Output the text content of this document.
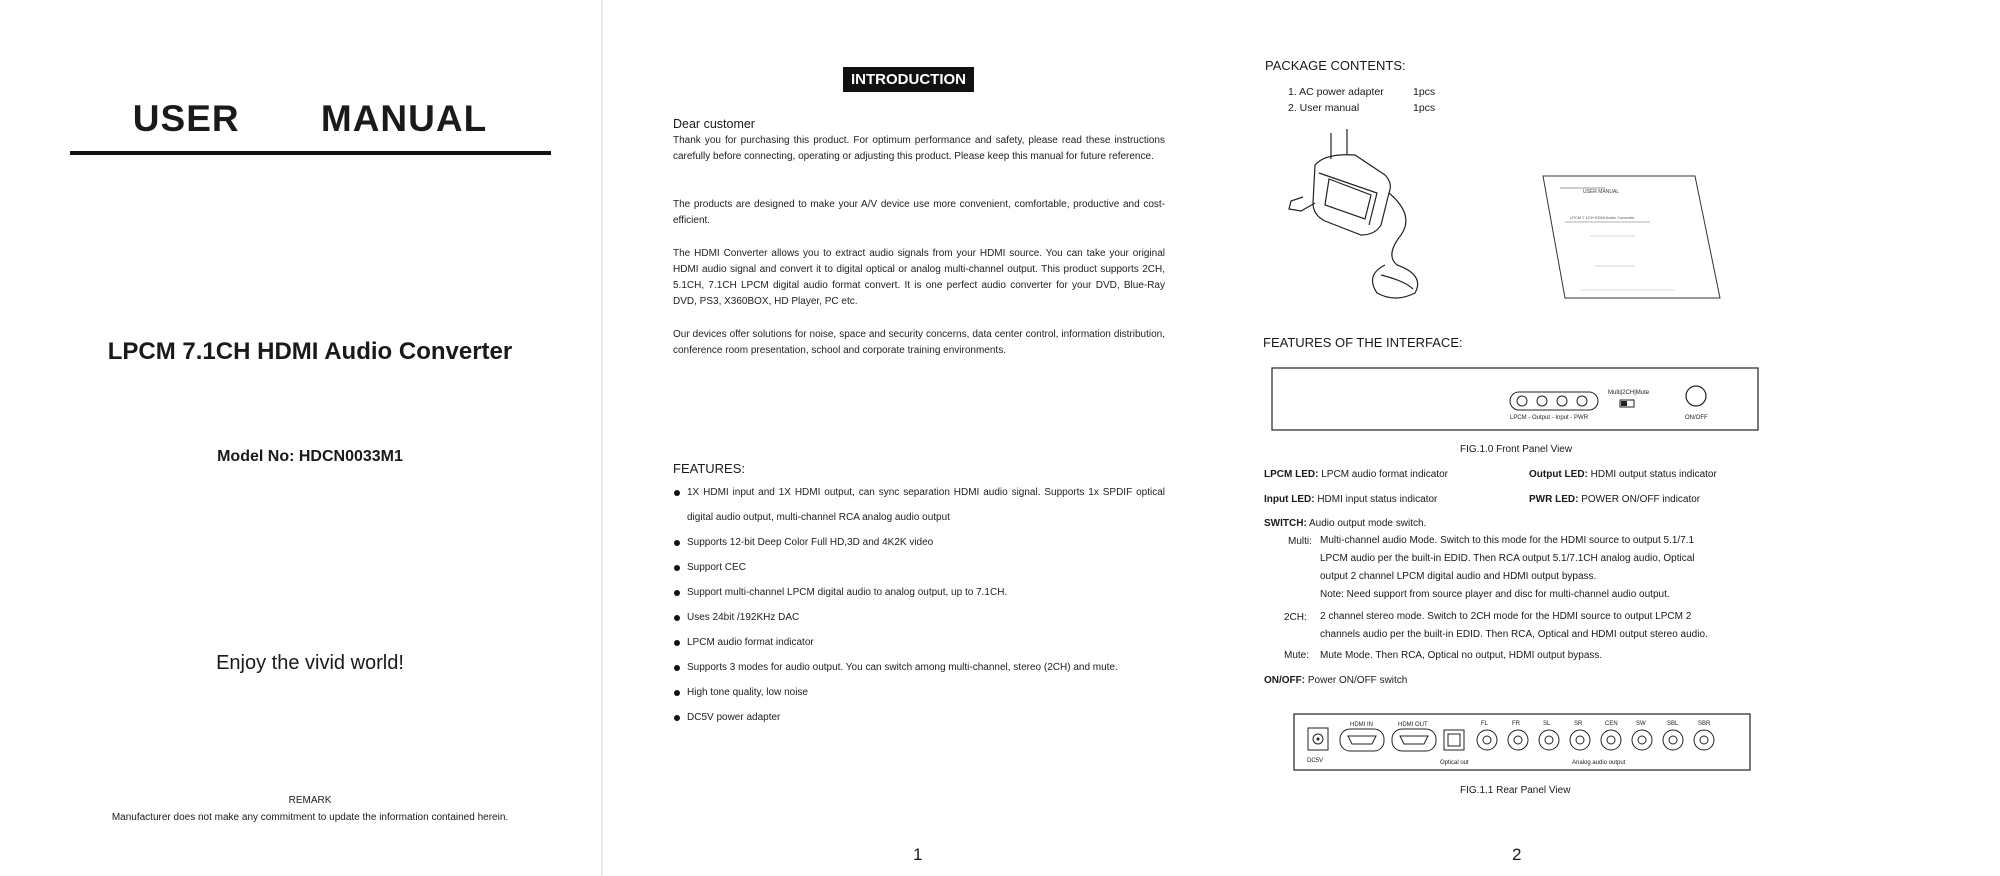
USER MANUAL
LPCM 7.1CH HDMI Audio Converter
Model No: HDCN0033M1
Enjoy the vivid world!
REMARK
Manufacturer does not make any commitment to update the information contained herein.
INTRODUCTION
Dear customer

Thank you for purchasing this product. For optimum performance and safety, please read these instructions carefully before connecting, operating or adjusting this product. Please keep this manual for future reference.

The products are designed to make your A/V device use more convenient, comfortable, productive and cost-efficient.

The HDMI Converter allows you to extract audio signals from your HDMI source. You can take your original HDMI audio signal and convert it to digital optical or analog multi-channel output. This product supports 2CH, 5.1CH, 7.1CH LPCM digital audio format convert. It is one perfect audio converter for your DVD, Blue-Ray DVD, PS3, X360BOX, HD Player, PC etc.

Our devices offer solutions for noise, space and security concerns, data center control, information distribution, conference room presentation, school and corporate training environments.

FEATURES:
1X HDMI input and 1X HDMI output, can sync separation HDMI audio signal. Supports 1x SPDIF optical digital audio output, multi-channel RCA analog audio output
Supports 12-bit Deep Color Full HD,3D and 4K2K video
Support CEC
Support multi-channel LPCM digital audio to analog output, up to 7.1CH.
Uses 24bit /192KHz DAC
LPCM audio format indicator
Supports 3 modes for audio output. You can switch among multi-channel, stereo (2CH) and mute.
High tone quality, low noise
DC5V power adapter
1
PACKAGE CONTENTS:
1. AC power adapter	1pcs
2. User manual	1pcs
USER MANUAL
LPCM 7.1CH HDMI Audio Converter
FEATURES OF THE INTERFACE:
LPCM - Output - Input - PWR
Multi|2CH|Mute
ON/OFF
FIG.1.0 Front Panel View
LPCM LED: LPCM audio format indicator	Output LED: HDMI output status indicator
Input LED: HDMI input status indicator	PWR LED: POWER ON/OFF indicator
SWITCH: Audio output mode switch.
Multi: Multi-channel audio Mode. Switch to this mode for the HDMI source to output 5.1/7.1
LPCM audio per the built-in EDID. Then RCA output 5.1/7.1CH analog audio, Optical
output 2 channel LPCM digital audio and HDMI output bypass.
Note: Need support from source player and disc for multi-channel audio output.
2CH: 2 channel stereo mode. Switch to 2CH mode for the HDMI source to output LPCM 2
channels audio per the built-in EDID. Then RCA, Optical and HDMI output stereo audio.
Mute: Mute Mode. Then RCA, Optical no output, HDMI output bypass.
ON/OFF: Power ON/OFF switch
DC5V
HDMI IN	HDMI OUT
Optical out
FL	FR	SL	SR	CEN	SW	SBL	SBR
Analog audio output
FIG.1.1 Rear Panel View
2
